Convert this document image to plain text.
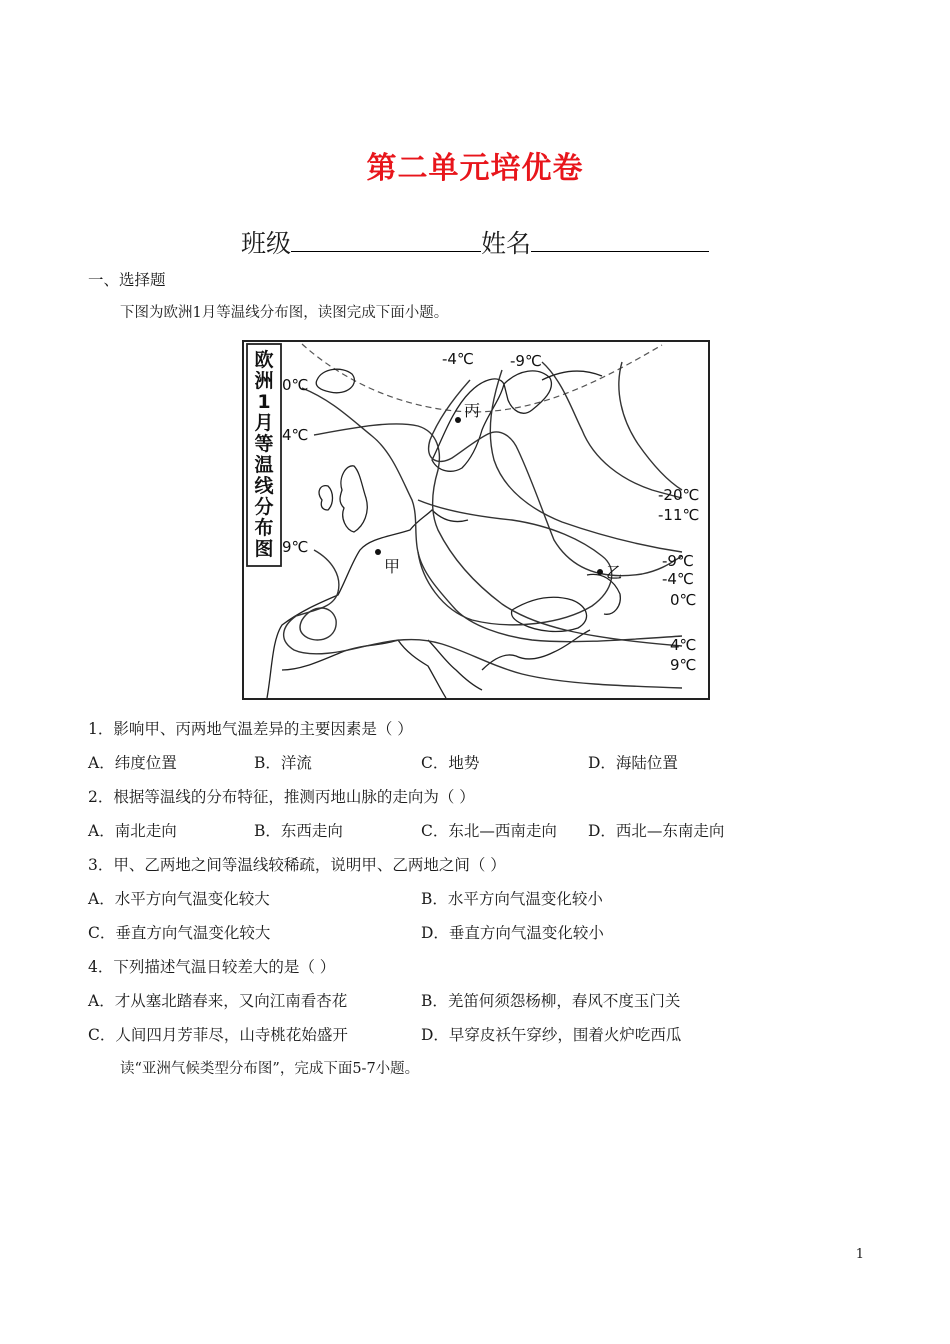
第二单元培优卷
班级	姓名
一、选择题
下图为欧洲1月等温线分布图，读图完成下面小题。
欧
洲
1
月
等
温
线
分
布
图
甲	乙
丙
0℃
4℃
9℃
-4℃ -9℃
-20℃
-11℃
-9℃
-4℃
0℃
4℃
9℃
1．影响甲、丙两地气温差异的主要因素是（ ）
A．纬度位置	B．洋流	C．地势	D．海陆位置
2．根据等温线的分布特征，推测丙地山脉的走向为（ ）
A．南北走向	B．东西走向	C．东北—西南走向 D．西北—东南走向
3．甲、乙两地之间等温线较稀疏，说明甲、乙两地之间（ ）
A．水平方向气温变化较大	B．水平方向气温变化较小
C．垂直方向气温变化较大	D．垂直方向气温变化较小
4．下列描述气温日较差大的是（ ）
A．才从塞北踏春来，又向江南看杏花	B．羌笛何须怨杨柳，春风不度玉门关
C．人间四月芳菲尽，山寺桃花始盛开	D．早穿皮袄午穿纱，围着火炉吃西瓜
读“亚洲气候类型分布图”，完成下面5-7小题。
1
